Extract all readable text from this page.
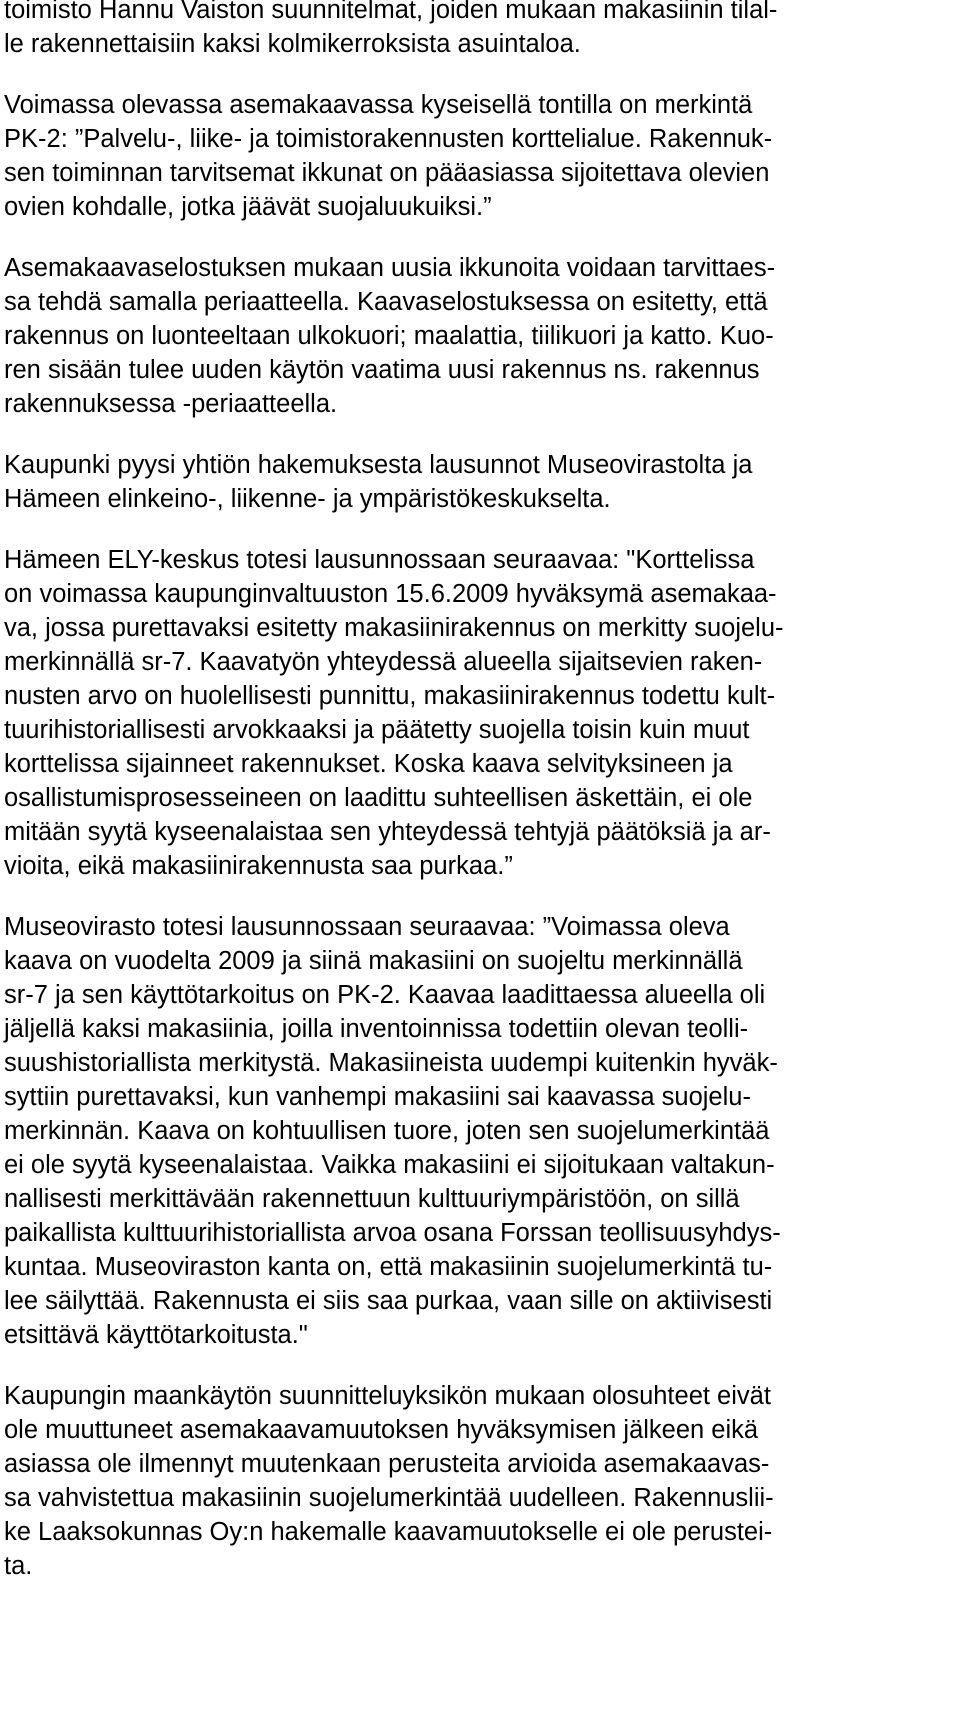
toimisto Hannu Vaiston suunnitelmat, joiden mukaan makasiinin tilal-
le rakennettaisiin kaksi kolmikerroksista asuintaloa.
Voimassa olevassa asemakaavassa kyseisellä tontilla on merkintä
PK-2: ”Palvelu-, liike- ja toimistorakennusten korttelialue. Rakennuk-
sen toiminnan tarvitsemat ikkunat on pääasiassa sijoitettava olevien
ovien kohdalle, jotka jäävät suojaluukuiksi.”
Asemakaavaselostuksen mukaan uusia ikkunoita voidaan tarvittaes-
sa tehdä samalla periaatteella. Kaavaselostuksessa on esitetty, että
rakennus on luonteeltaan ulkokuori; maalattia, tiilikuori ja katto. Kuo-
ren sisään tulee uuden käytön vaatima uusi rakennus ns. rakennus
rakennuksessa -periaatteella.
Kaupunki pyysi yhtiön hakemuksesta lausunnot Museovirastolta ja
Hämeen elinkeino-, liikenne- ja ympäristökeskukselta.
Hämeen ELY-keskus totesi lausunnossaan seuraavaa: "Korttelissa
on voimassa kaupunginvaltuuston 15.6.2009 hyväksymä asemakaa-
va, jossa purettavaksi esitetty makasiinirakennus on merkitty suojelu-
merkinnällä sr-7. Kaavatyön yhteydessä alueella sijaitsevien raken-
nusten arvo on huolellisesti punnittu, makasiinirakennus todettu kult-
tuurihistoriallisesti arvokkaaksi ja päätetty suojella toisin kuin muut
korttelissa sijainneet rakennukset. Koska kaava selvityksineen ja
osallistumisprosesseineen on laadittu suhteellisen äskettäin, ei ole
mitään syytä kyseenalaistaa sen yhteydessä tehtyjä päätöksiä ja ar-
vioita, eikä makasiinirakennusta saa purkaa.”
Museovirasto totesi lausunnossaan seuraavaa: ”Voimassa oleva
kaava on vuodelta 2009 ja siinä makasiini on suojeltu merkinnällä
sr-7 ja sen käyttötarkoitus on PK-2. Kaavaa laadittaessa alueella oli
jäljellä kaksi makasiinia, joilla inventoinnissa todettiin olevan teolli-
suushistoriallista merkitystä. Makasiineista uudempi kuitenkin hyväk-
syttiin purettavaksi, kun vanhempi makasiini sai kaavassa suojelu-
merkinnän. Kaava on kohtuullisen tuore, joten sen suojelumerkintää
ei ole syytä kyseenalaistaa. Vaikka makasiini ei sijoitukaan valtakun-
nallisesti merkittävään rakennettuun kulttuuriympäristöön, on sillä
paikallista kulttuurihistoriallista arvoa osana Forssan teollisuusyhdys-
kuntaa. Museoviraston kanta on, että makasiinin suojelumerkintä tu-
lee säilyttää. Rakennusta ei siis saa purkaa, vaan sille on aktiivisesti
etsittävä käyttötarkoitusta."
Kaupungin maankäytön suunnitteluyksikön mukaan olosuhteet eivät
ole muuttuneet asemakaavamuutoksen hyväksymisen jälkeen eikä
asiassa ole ilmennyt muutenkaan perusteita arvioida asemakaavas-
sa vahvistettua makasiinin suojelumerkintää uudelleen. Rakennuslii-
ke Laaksokunnas Oy:n hakemalle kaavamuutokselle ei ole perustei-
ta.
